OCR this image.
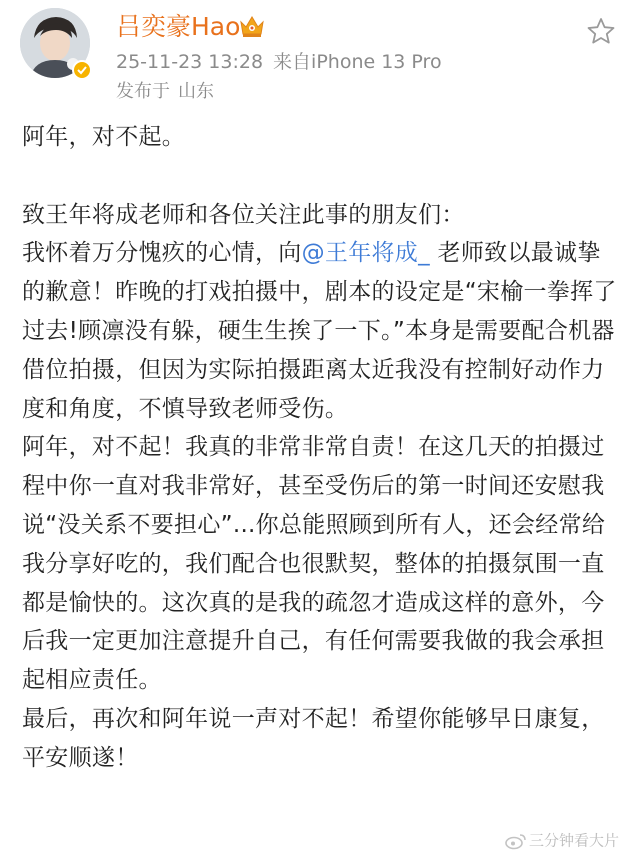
吕奕豪Hao
25-11-23 13:28 来自iPhone 13 Pro
发布于 山东

阿年，对不起。

致王年将成老师和各位关注此事的朋友们：

我怀着万分愧疚的心情，向@王年将成_ 老师致以最诚挚的歉意！昨晚的打戏拍摄中，剧本的设定是“宋榆一拳挥了过去!顾凛没有躲，硬生生挨了一下。”本身是需要配合机器借位拍摄，但因为实际拍摄距离太近我没有控制好动作力度和角度，不慎导致老师受伤。

阿年，对不起！我真的非常非常自责！在这几天的拍摄过程中你一直对我非常好，甚至受伤后的第一时间还安慰我说“没关系不要担心”...你总能照顾到所有人，还会经常给我分享好吃的，我们配合也很默契，整体的拍摄氛围一直都是愉快的。这次真的是我的疏忽才造成这样的意外，今后我一定更加注意提升自己，有任何需要我做的我会承担起相应责任。

最后，再次和阿年说一声对不起！希望你能够早日康复，平安顺遂！

三分钟看大片
